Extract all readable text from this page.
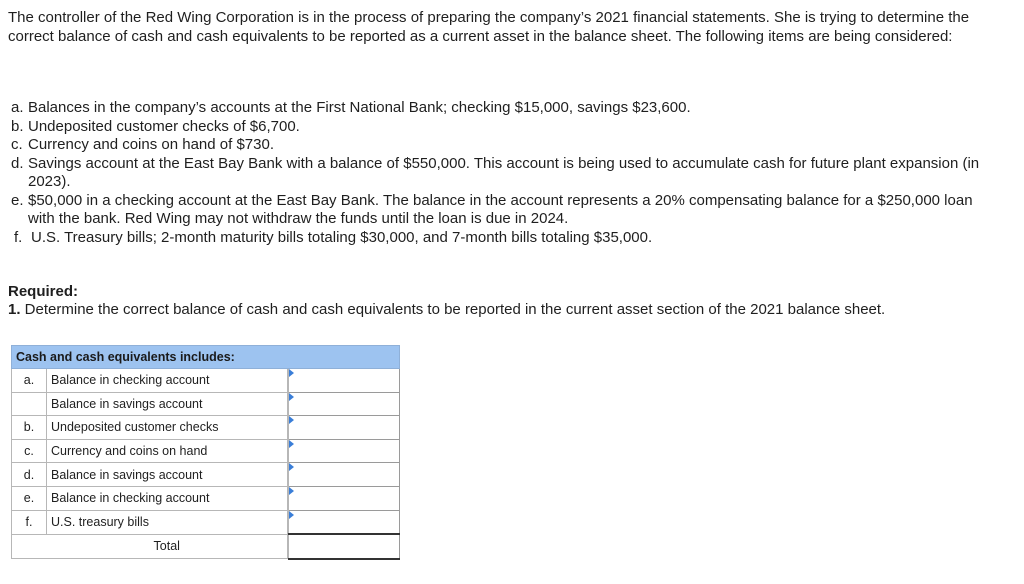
The controller of the Red Wing Corporation is in the process of preparing the company’s 2021 financial statements. She is trying to determine the correct balance of cash and cash equivalents to be reported as a current asset in the balance sheet. The following items are being considered:

a. Balances in the company’s accounts at the First National Bank; checking $15,000, savings $23,600.
b. Undeposited customer checks of $6,700.
c. Currency and coins on hand of $730.
d. Savings account at the East Bay Bank with a balance of $550,000. This account is being used to accumulate cash for future plant expansion (in 2023).
e. $50,000 in a checking account at the East Bay Bank. The balance in the account represents a 20% compensating balance for a $250,000 loan with the bank. Red Wing may not withdraw the funds until the loan is due in 2024.
f. U.S. Treasury bills; 2-month maturity bills totaling $30,000, and 7-month bills totaling $35,000.

Required:

1. Determine the correct balance of cash and cash equivalents to be reported in the current asset section of the 2021 balance sheet.

Cash and cash equivalents includes:		
a.	Balance in checking account		
	Balance in savings account		
b.	Undeposited customer checks		
c.	Currency and coins on hand		
d.	Balance in savings account		
e.	Balance in checking account		
f.	U.S. treasury bills		
	Total		
